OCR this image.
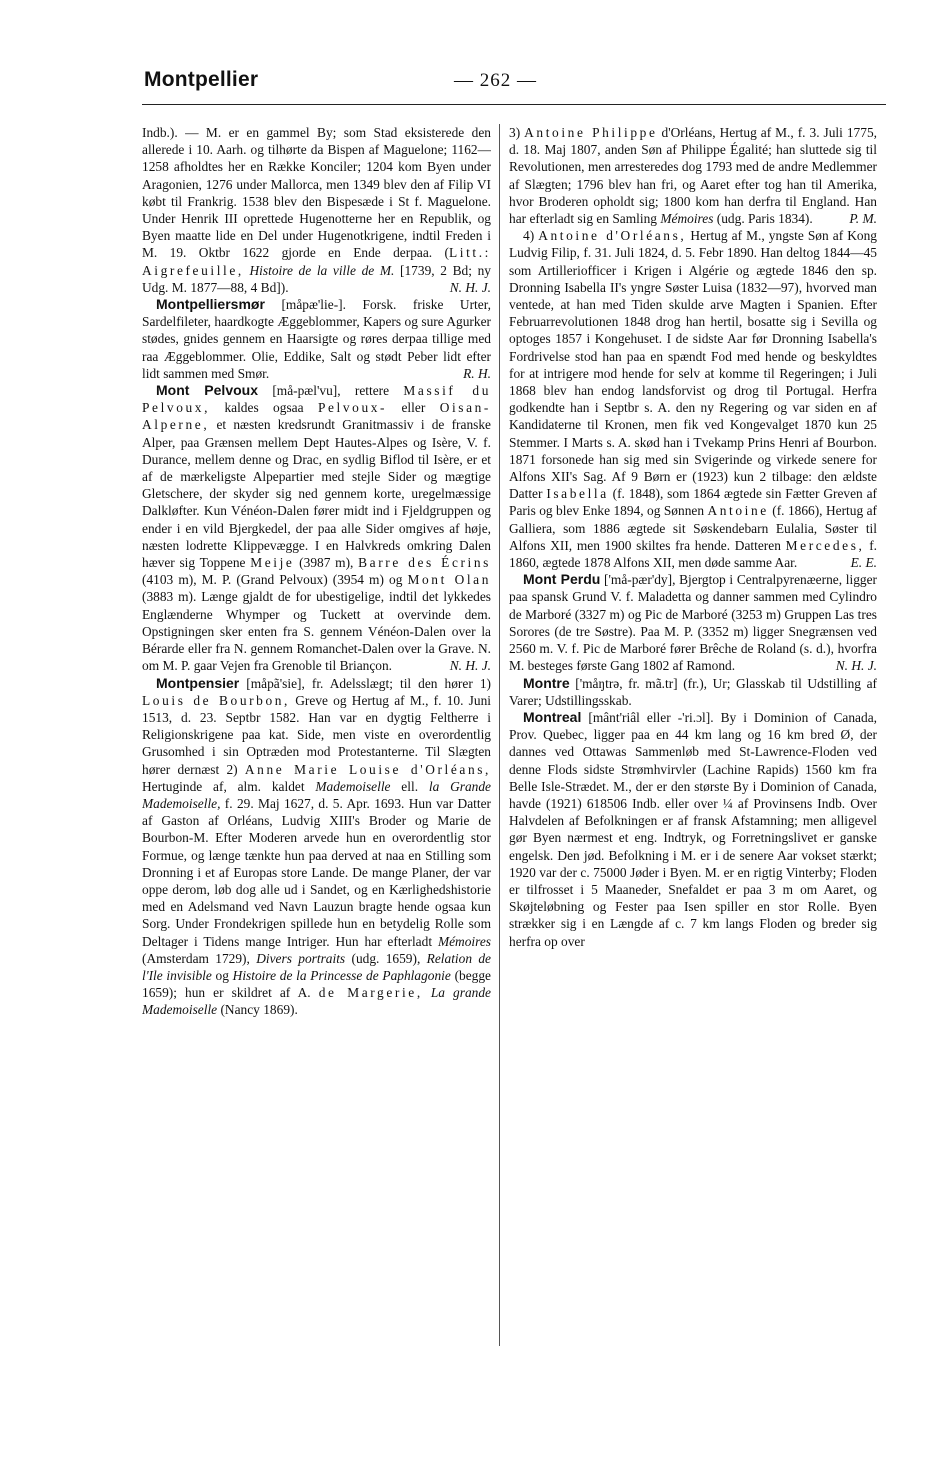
Montpellier	— 262 —

Indb.). — M. er en gammel By; som Stad eksisterede den allerede i 10. Aarh. og tilhørte da Bispen af Maguelone; 1162—1258 afholdtes her en Række Konciler; 1204 kom Byen under Aragonien, 1276 under Mallorca, men 1349 blev den af Filip VI købt til Frankrig. 1538 blev den Bispesæde i St f. Maguelone. Under Henrik III oprettede Hugenotterne her en Republik, og Byen maatte lide en Del under Hugenotkrigene, indtil Freden i M. 19. Oktbr 1622 gjorde en Ende derpaa. (Litt.: Aigrefeuille, Histoire de la ville de M. [1739, 2 Bd; ny Udg. M. 1877—88, 4 Bd]).	N. H. J.

Montpelliersmør [måpæ'lie-]. Forsk. friske Urter, Sardelfileter, haardkogte Æggeblommer, Kapers og sure Agurker stødes, gnides gennem en Haarsigte og røres derpaa tillige med raa Æggeblommer. Olie, Eddike, Salt og stødt Peber lidt efter lidt sammen med Smør.	R. H.

Mont Pelvoux [må-pæl'vu], rettere Massif du Pelvoux, kaldes ogsaa Pelvoux- eller Oisan-Alperne, et næsten kredsrundt Granitmassiv i de franske Alper, paa Grænsen mellem Dept Hautes-Alpes og Isère, V. f. Durance, mellem denne og Drac, en sydlig Biflod til Isère, er et af de mærkeligste Alpepartier med stejle Sider og mægtige Gletschere, der skyder sig ned gennem korte, uregelmæssige Dalkløfter. Kun Vénéon-Dalen fører midt ind i Fjeldgruppen og ender i en vild Bjergkedel, der paa alle Sider omgives af høje, næsten lodrette Klippevægge. I en Halvkreds omkring Dalen hæver sig Toppene Meije (3987 m), Barre des Écrins (4103 m), M. P. (Grand Pelvoux) (3954 m) og Mont Olan (3883 m). Længe gjaldt de for ubestigelige, indtil det lykkedes Englænderne Whymper og Tuckett at overvinde dem. Opstigningen sker enten fra S. gennem Vénéon-Dalen over la Bérarde eller fra N. gennem Romanchet-Dalen over la Grave. N. om M. P. gaar Vejen fra Grenoble til Briançon.	N. H. J.

Montpensier [måpã'sie], fr. Adelsslægt; til den hører 1) Louis de Bourbon, Greve og Hertug af M., f. 10. Juni 1513, d. 23. Septbr 1582. Han var en dygtig Feltherre i Religionskrigene paa kat. Side, men viste en overordentlig Grusomhed i sin Optræden mod Protestanterne. Til Slægten hører dernæst 2) Anne Marie Louise d'Orléans, Hertuginde af, alm. kaldet Mademoiselle ell. la Grande Mademoiselle, f. 29. Maj 1627, d. 5. Apr. 1693. Hun var Datter af Gaston af Orléans, Ludvig XIII's Broder og Marie de Bourbon-M. Efter Moderen arvede hun en overordentlig stor Formue, og længe tænkte hun paa derved at naa en Stilling som Dronning i et af Europas store Lande. De mange Planer, der var oppe derom, løb dog alle ud i Sandet, og en Kærlighedshistorie med en Adelsmand ved Navn Lauzun bragte hende ogsaa kun Sorg. Under Frondekrigen spillede hun en betydelig Rolle som Deltager i Tidens mange Intriger. Hun har efterladt Mémoires (Amsterdam 1729), Divers portraits (udg. 1659), Relation de l'Ile invisible og Histoire de la Princesse de Paphlagonie (begge 1659); hun er skildret af A. de Margerie, La grande Mademoiselle (Nancy 1869).

3) Antoine Philippe d'Orléans, Hertug af M., f. 3. Juli 1775, d. 18. Maj 1807, anden Søn af Philippe Égalité; han sluttede sig til Revolutionen, men arresteredes dog 1793 med de andre Medlemmer af Slægten; 1796 blev han fri, og Aaret efter tog han til Amerika, hvor Broderen opholdt sig; 1800 kom han derfra til England. Han har efterladt sig en Samling Mémoires (udg. Paris 1834).	P. M.

4) Antoine d'Orléans, Hertug af M., yngste Søn af Kong Ludvig Filip, f. 31. Juli 1824, d. 5. Febr 1890. Han deltog 1844—45 som Artilleriofficer i Krigen i Algérie og ægtede 1846 den sp. Dronning Isabella II's yngre Søster Luisa (1832—97), hvorved man ventede, at han med Tiden skulde arve Magten i Spanien. Efter Februarrevolutionen 1848 drog han hertil, bosatte sig i Sevilla og optoges 1857 i Kongehuset. I de sidste Aar før Dronning Isabella's Fordrivelse stod han paa en spændt Fod med hende og beskyldtes for at intrigere mod hende for selv at komme til Regeringen; i Juli 1868 blev han endog landsforvist og drog til Portugal. Herfra godkendte han i Septbr s. A. den ny Regering og var siden en af Kandidaterne til Kronen, men fik ved Kongevalget 1870 kun 25 Stemmer. I Marts s. A. skød han i Tvekamp Prins Henri af Bourbon. 1871 forsonede han sig med sin Svigerinde og virkede senere for Alfons XII's Sag. Af 9 Børn er (1923) kun 2 tilbage: den ældste Datter Isabella (f. 1848), som 1864 ægtede sin Fætter Greven af Paris og blev Enke 1894, og Sønnen Antoine (f. 1866), Hertug af Galliera, som 1886 ægtede sit Søskendebarn Eulalia, Søster til Alfons XII, men 1900 skiltes fra hende. Datteren Mercedes, f. 1860, ægtede 1878 Alfons XII, men døde samme Aar.	E. E.

Mont Perdu ['må-pær'dy], Bjergtop i Centralpyrenæerne, ligger paa spansk Grund V. f. Maladetta og danner sammen med Cylindro de Marboré (3327 m) og Pic de Marboré (3253 m) Gruppen Las tres Sorores (de tre Søstre). Paa M. P. (3352 m) ligger Snegrænsen ved 2560 m. V. f. Pic de Marboré fører Brêche de Roland (s. d.), hvorfra M. besteges første Gang 1802 af Ramond.	N. H. J.

Montre ['måŋtrə, fr. mã.tr] (fr.), Ur; Glasskab til Udstilling af Varer; Udstillingsskab.

Montreal [mânt'riâl eller -'ri.ɔl]. By i Dominion of Canada, Prov. Quebec, ligger paa en 44 km lang og 16 km bred Ø, der dannes ved Ottawas Sammenløb med St-Lawrence-Floden ved denne Flods sidste Strømhvirvler (Lachine Rapids) 1560 km fra Belle Isle-Strædet. M., der er den største By i Dominion of Canada, havde (1921) 618506 Indb. eller over ¼ af Provinsens Indb. Over Halvdelen af Befolkningen er af fransk Afstamning; men alligevel gør Byen nærmest et eng. Indtryk, og Forretningslivet er ganske engelsk. Den jød. Befolkning i M. er i de senere Aar vokset stærkt; 1920 var der c. 75000 Jøder i Byen. M. er en rigtig Vinterby; Floden er tilfrosset i 5 Maaneder, Snefaldet er paa 3 m om Aaret, og Skøjteløbning og Fester paa Isen spiller en stor Rolle. Byen strækker sig i en Længde af c. 7 km langs Floden og breder sig herfra op over
